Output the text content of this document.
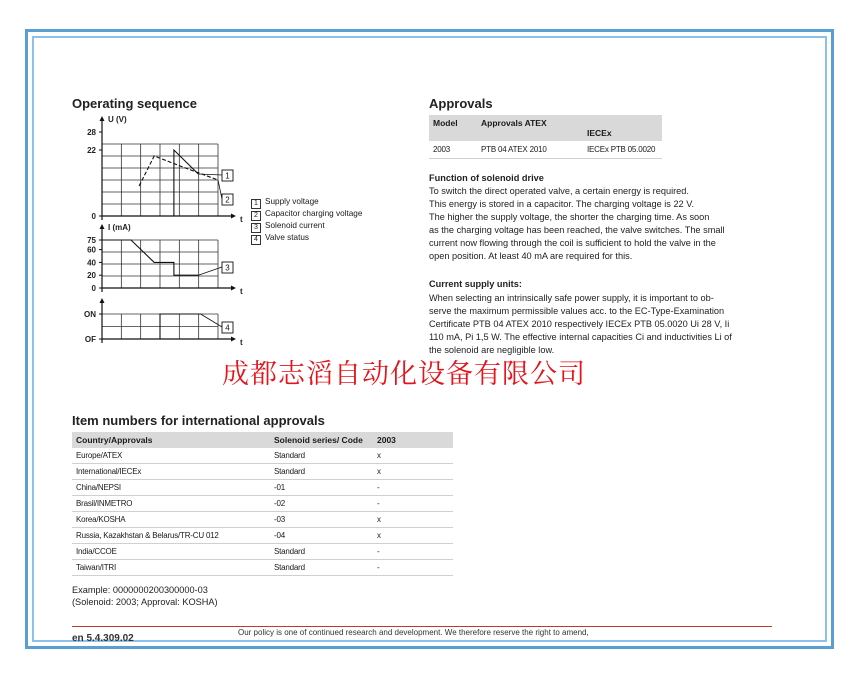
Operating sequence
t
U (V)
0
22
28
1
2
t
I (mA)
0
20
40
60
75
3
t
OF
ON
4
1 Supply voltage
2 Capacitor charging voltage
3 Solenoid current
4 Valve status
Item numbers for international approvals
Country/Approvals	Solenoid series/ Code	2003
Europe/ATEX	Standard	x
International/IECEx	Standard	x
China/NEPSI	-01	-
Brasil/INMETRO	-02	-
Korea/KOSHA	-03	x
Russia, Kazakhstan & Belarus/TR-CU 012	-04	x
India/CCOE	Standard	-
Taiwan/ITRI	Standard	-
Example: 0000000200300000-03
(Solenoid: 2003; Approval: KOSHA)
Approvals
Model	Approvals ATEX	IECEx
2003	PTB 04 ATEX 2010	IECEx PTB 05.0020
Function of solenoid drive
To switch the direct operated valve, a certain energy is required.
This energy is stored in a capacitor. The charging voltage is 22 V.
The higher the supply voltage, the shorter the charging time. As soon
as the charging voltage has been reached, the valve switches. The small
current now flowing through the coil is sufficient to hold the valve in the
open position. At least 40 mA are required for this.
Current supply units:
When selecting an intrinsically safe power supply, it is important to ob-
serve the maximum permissible values acc. to the EC-Type-Examination
Certificate PTB 04 ATEX 2010 respectively IECEx PTB 05.0020 Ui 28 V, Ii
110 mA, Pi 1,5 W. The effective internal capacities Ci and inductivities Li of
the solenoid are negligible low.
成都志滔自动化设备有限公司
en 5.4.309.02
Our policy is one of continued research and development. We therefore reserve the right to amend,
